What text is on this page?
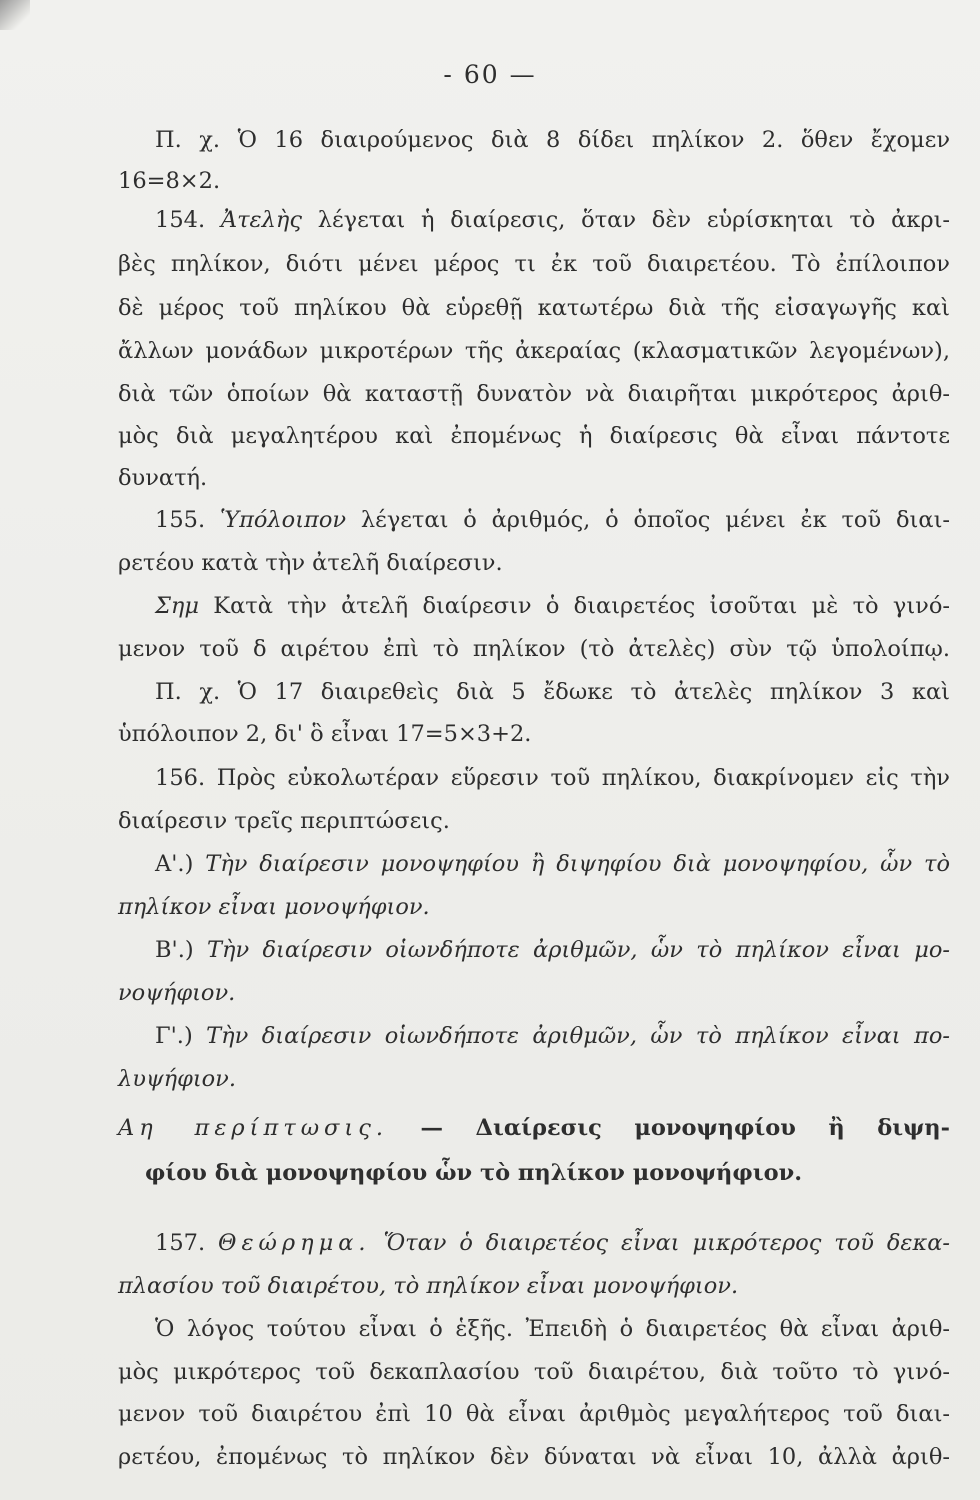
- 60 —
Π. χ. Ὁ 16 διαιρούμενος διὰ 8 δίδει πηλίκον 2. ὅθεν ἔχομεν
16=8×2.
154. Ἀτελὴς λέγεται ἡ διαίρεσις, ὅταν δὲν εὑρίσκηται τὸ ἀκρι-
βὲς πηλίκον, διότι μένει μέρος τι ἐκ τοῦ διαιρετέου. Τὸ ἐπίλοιπον
δὲ μέρος τοῦ πηλίκου θὰ εὑρεθῇ κατωτέρω διὰ τῆς εἰσαγωγῆς καὶ
ἄλλων μονάδων μικροτέρων τῆς ἀκεραίας (κλασματικῶν λεγομένων),
διὰ τῶν ὁποίων θὰ καταστῇ δυνατὸν νὰ διαιρῆται μικρότερος ἀριθ-
μὸς διὰ μεγαλητέρου καὶ ἐπομένως ἡ διαίρεσις θὰ εἶναι πάντοτε
δυνατή.
155. Ὑπόλοιπον λέγεται ὁ ἀριθμός, ὁ ὁποῖος μένει ἐκ τοῦ διαι-
ρετέου κατὰ τὴν ἀτελῆ διαίρεσιν.
Σημ Κατὰ τὴν ἀτελῆ διαίρεσιν ὁ διαιρετέος ἰσοῦται μὲ τὸ γινό-
μενον τοῦ δ αιρέτου ἐπὶ τὸ πηλίκον (τὸ ἀτελὲς) σὺν τῷ ὑπολοίπῳ.
Π. χ. Ὁ 17 διαιρεθεὶς διὰ 5 ἔδωκε τὸ ἀτελὲς πηλίκον 3 καὶ
ὑπόλοιπον 2, δι' ὃ εἶναι 17=5×3+2.
156. Πρὸς εὐκολωτέραν εὕρεσιν τοῦ πηλίκου, διακρίνομεν εἰς τὴν
διαίρεσιν τρεῖς περιπτώσεις.
Α'.) Τὴν διαίρεσιν μονοψηφίου ἢ διψηφίου διὰ μονοψηφίου, ὧν τὸ
πηλίκον εἶναι μονοψήφιον.
Β'.) Τὴν διαίρεσιν οἱωνδήποτε ἀριθμῶν, ὧν τὸ πηλίκον εἶναι μο-
νοψήφιον.
Γ'.) Τὴν διαίρεσιν οἱωνδήποτε ἀριθμῶν, ὧν τὸ πηλίκον εἶναι πο-
λυψήφιον.
Αη περίπτωσις. — Διαίρεσις μονοψηφίου ἢ διψη-
φίου διὰ μονοψηφίου ὧν τὸ πηλίκον μονοψήφιον.
157. Θεώρημα. Ὅταν ὁ διαιρετέος εἶναι μικρότερος τοῦ δεκα-
πλασίου τοῦ διαιρέτου, τὸ πηλίκον εἶναι μονοψήφιον.
Ὁ λόγος τούτου εἶναι ὁ ἑξῆς. Ἐπειδὴ ὁ διαιρετέος θὰ εἶναι ἀριθ-
μὸς μικρότερος τοῦ δεκαπλασίου τοῦ διαιρέτου, διὰ τοῦτο τὸ γινό-
μενον τοῦ διαιρέτου ἐπὶ 10 θὰ εἶναι ἀριθμὸς μεγαλήτερος τοῦ διαι-
ρετέου, ἐπομένως τὸ πηλίκον δὲν δύναται νὰ εἶναι 10, ἀλλὰ ἀριθ-
